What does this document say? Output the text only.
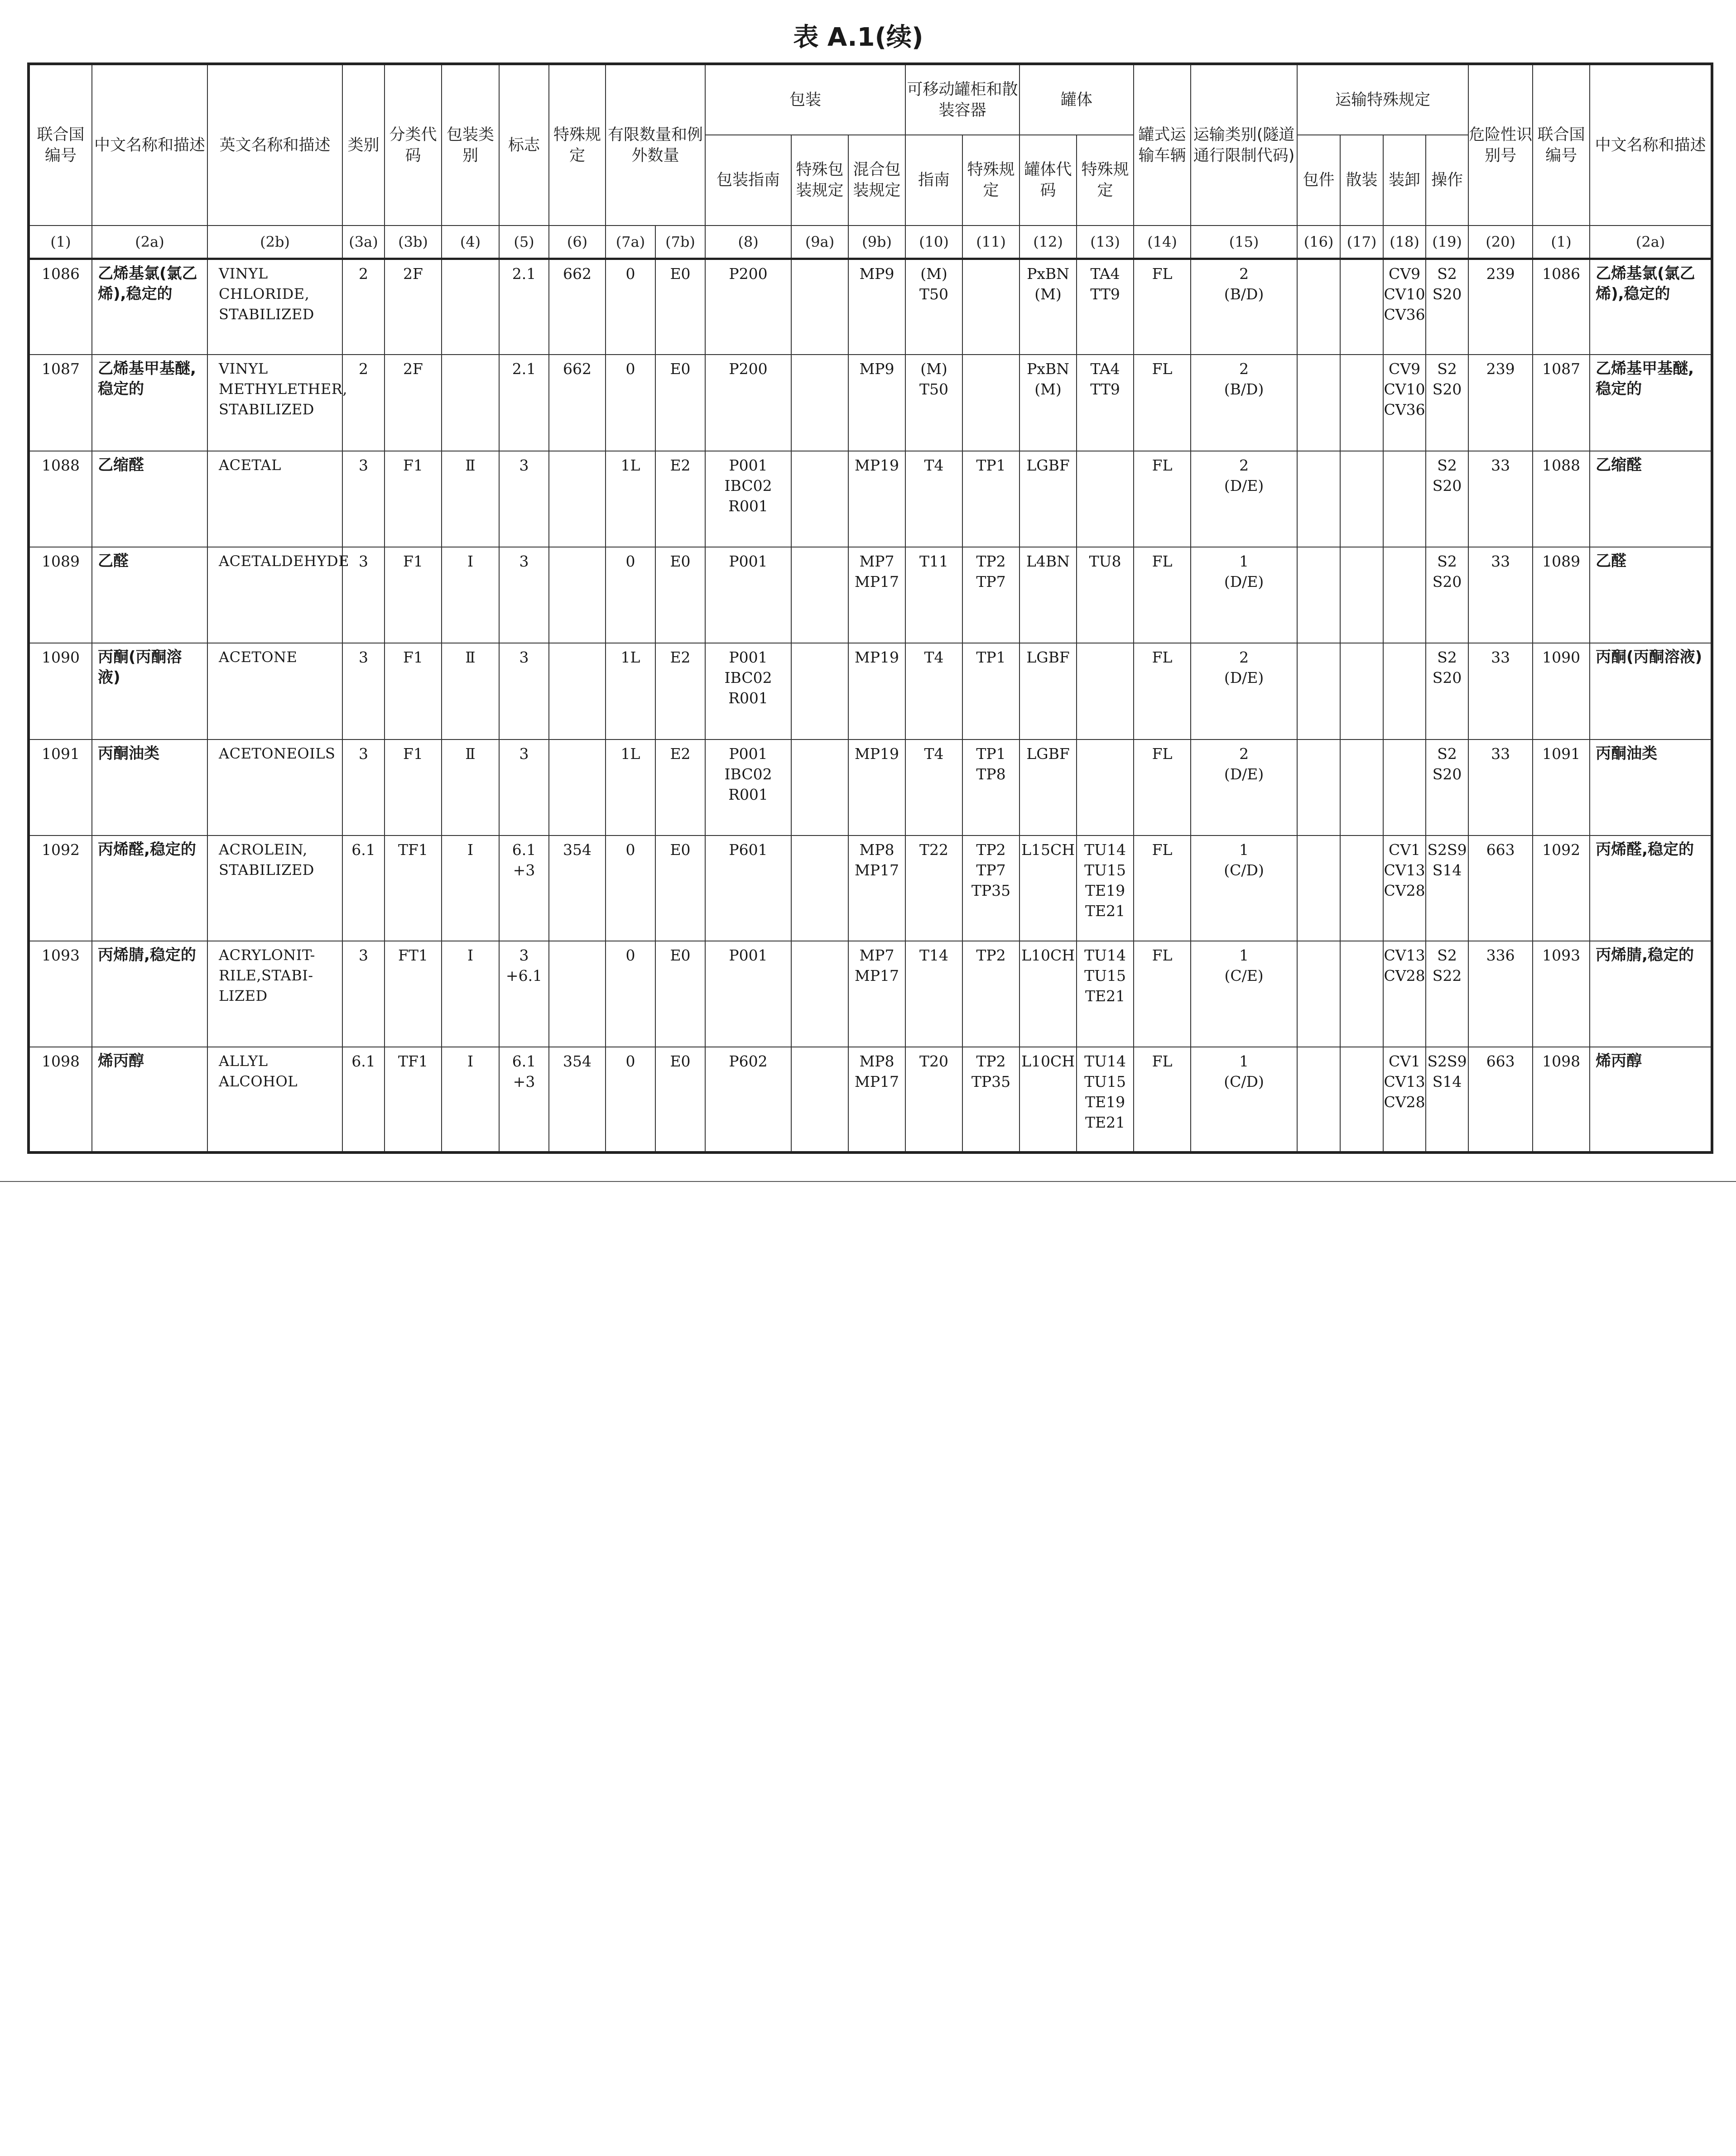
表 A.1(续)
联合国编号	中文名称和描述	英文名称和描述	类别	分类代码	包装类别	标志	特殊规定	有限数量和例外数量		包装			可移动罐柜和散装容器		罐体		罐式运输车辆	运输类别(隧道通行限制代码)	运输特殊规定				危险性识别号	联合国编号	中文名称和描述
										包装指南	特殊包装规定	混合包装规定	指南	特殊规定	罐体代码	特殊规定			包件	散装	装卸	操作			
(1)	(2a)	(2b)	(3a)	(3b)	(4)	(5)	(6)	(7a)	(7b)	(8)	(9a)	(9b)	(10)	(11)	(12)	(13)	(14)	(15)	(16)	(17)	(18)	(19)	(20)	(1)	(2a)
1086	乙烯基氯(氯乙烯),稳定的	VINYL
CHLORIDE,
STABILIZED	2	2F		2.1	662	0	E0	P200		MP9	(M)
T50		PxBN
(M)	TA4
TT9	FL	2
(B/D)			CV9
CV10
CV36	S2
S20	239	1086	乙烯基氯(氯乙烯),稳定的

1087	乙烯基甲基醚,稳定的	VINYL
METHYLETHER,
STABILIZED	2	2F		2.1	662	0	E0	P200		MP9	(M)
T50		PxBN
(M)	TA4
TT9	FL	2
(B/D)			CV9
CV10
CV36	S2
S20	239	1087	乙烯基甲基醚,稳定的

1088	乙缩醛	ACETAL	3	F1	Ⅱ	3		1L	E2	P001
IBC02
R001		MP19	T4	TP1	LGBF		FL	2
(D/E)				S2
S20	33	1088	乙缩醛

1089	乙醛	ACETALDEHYDE	3	F1	I	3		0	E0	P001		MP7
MP17	T11	TP2
TP7	L4BN	TU8	FL	1
(D/E)				S2
S20	33	1089	乙醛

1090	丙酮(丙酮溶液)	ACETONE	3	F1	Ⅱ	3		1L	E2	P001
IBC02
R001		MP19	T4	TP1	LGBF		FL	2
(D/E)				S2
S20	33	1090	丙酮(丙酮溶液)

1091	丙酮油类	ACETONEOILS	3	F1	Ⅱ	3		1L	E2	P001
IBC02
R001		MP19	T4	TP1
TP8	LGBF		FL	2
(D/E)				S2
S20	33	1091	丙酮油类

1092	丙烯醛,稳定的	ACROLEIN,
STABILIZED	6.1	TF1	I	6.1
+3	354	0	E0	P601		MP8
MP17	T22	TP2
TP7
TP35	L15CH	TU14
TU15
TE19
TE21	FL	1
(C/D)			CV1
CV13
CV28	S2S9
S14	663	1092	丙烯醛,稳定的

1093	丙烯腈,稳定的	ACRYLONIT-
RILE,STABI-
LIZED	3	FT1	I	3
+6.1		0	E0	P001		MP7
MP17	T14	TP2	L10CH	TU14
TU15
TE21	FL	1
(C/E)			CV13
CV28	S2
S22	336	1093	丙烯腈,稳定的

1098	烯丙醇	ALLYL
ALCOHOL	6.1	TF1	I	6.1
+3	354	0	E0	P602		MP8
MP17	T20	TP2
TP35	L10CH	TU14
TU15
TE19
TE21	FL	1
(C/D)			CV1
CV13
CV28	S2S9
S14	663	1098	烯丙醇
